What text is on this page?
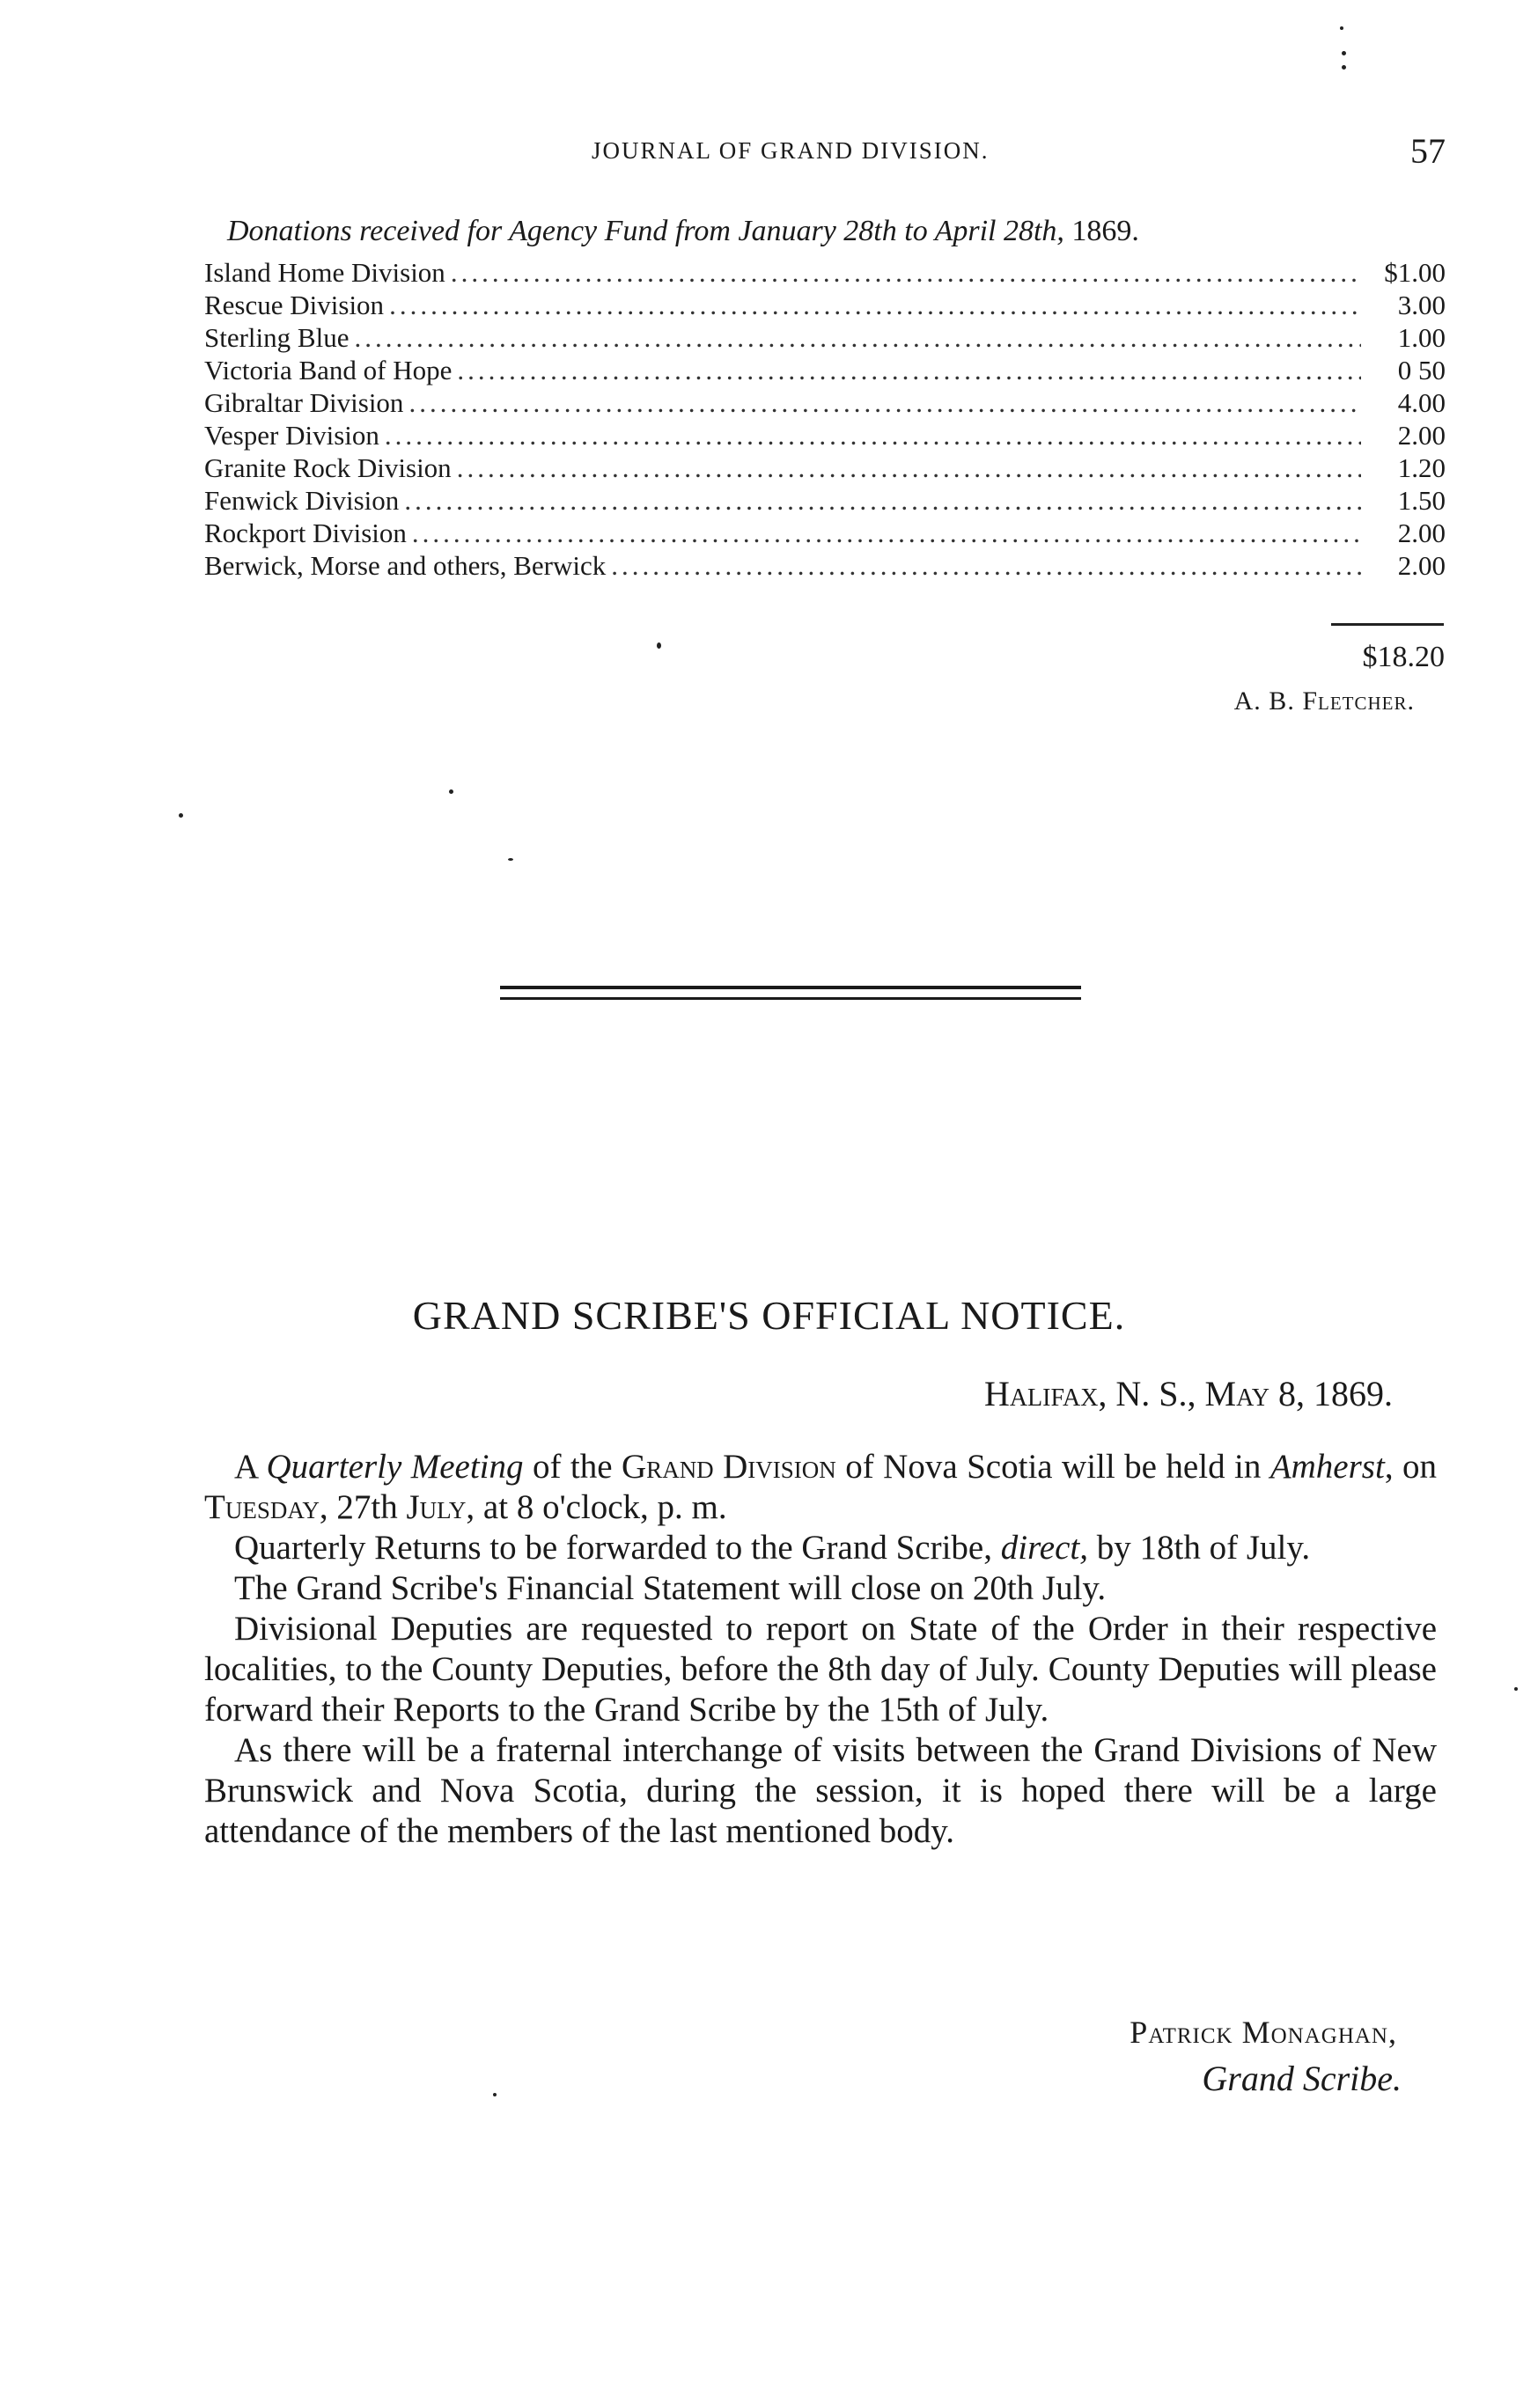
JOURNAL OF GRAND DIVISION.	57
Donations received for Agency Fund from January 28th to April 28th, 1869.
Island Home Division .....	$1.00
Rescue Division .....	3.00
Sterling Blue .....	1.00
Victoria Band of Hope .....	0 50
Gibraltar Division .....	4.00
Vesper Division .....	2.00
Granite Rock Division .....	1.20
Fenwick Division .....	1.50
Rockport Division .....	2.00
Berwick, Morse and others, Berwick .....	2.00
$18.20
A. B. Fletcher.
GRAND SCRIBE'S OFFICIAL NOTICE.
Halifax, N. S., May 8, 1869.

A Quarterly Meeting of the Grand Division of Nova Scotia will be held in Amherst, on Tuesday, 27th July, at 8 o'clock, p. m.

Quarterly Returns to be forwarded to the Grand Scribe, direct, by 18th of July.

The Grand Scribe's Financial Statement will close on 20th July.

Divisional Deputies are requested to report on State of the Order in their respective localities, to the County Deputies, before the 8th day of July. County Deputies will please forward their Reports to the Grand Scribe by the 15th of July.

As there will be a fraternal interchange of visits between the Grand Divisions of New Brunswick and Nova Scotia, during the session, it is hoped there will be a large attendance of the members of the last mentioned body.

Patrick Monaghan,
Grand Scribe.
